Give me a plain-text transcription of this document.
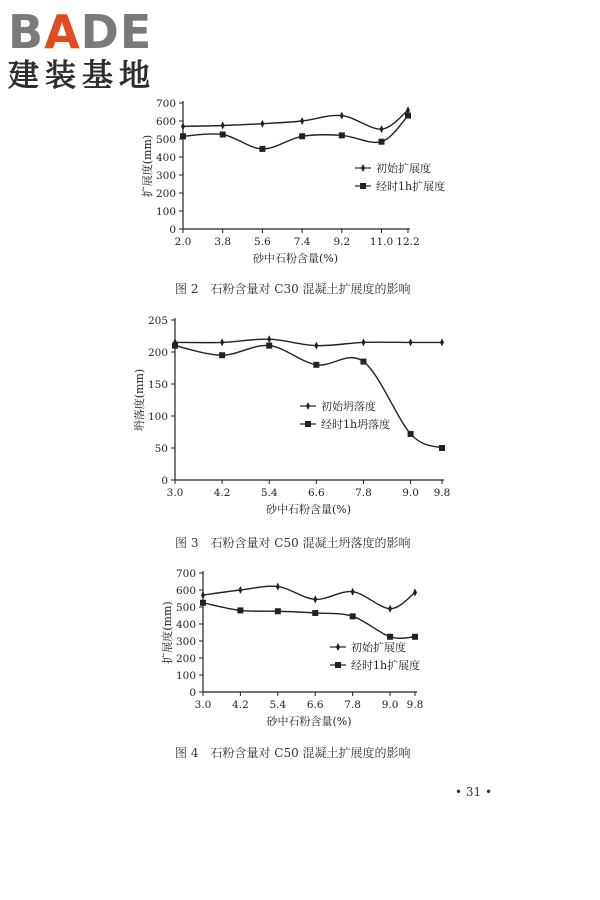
BADE
建装基地
0
100
200
300
400
500
600
700
2.0 3.8 5.6 7.4 9.2 11.0 12.2
砂中石粉含量(%)
扩展度(mm)	初始扩展度
经时1h扩展度
图 2　石粉含量对 C30 混凝土扩展度的影响
0
50
100
150
200
205
3.0	4.2	5.4	6.6	7.8	9.0 9.8
砂中石粉含量(%)
坍落度(mm)	初始坍落度
经时1h坍落度
图 3　石粉含量对 C50 混凝土坍落度的影响
0
100
200
300
400
500
600
700
3.0 4.2 5.4 6.6 7.8 9.0 9.8
砂中石粉含量(%)
扩展度(mm)	初始扩展度
经时1h扩展度
图 4　石粉含量对 C50 混凝土扩展度的影响
• 31 •
